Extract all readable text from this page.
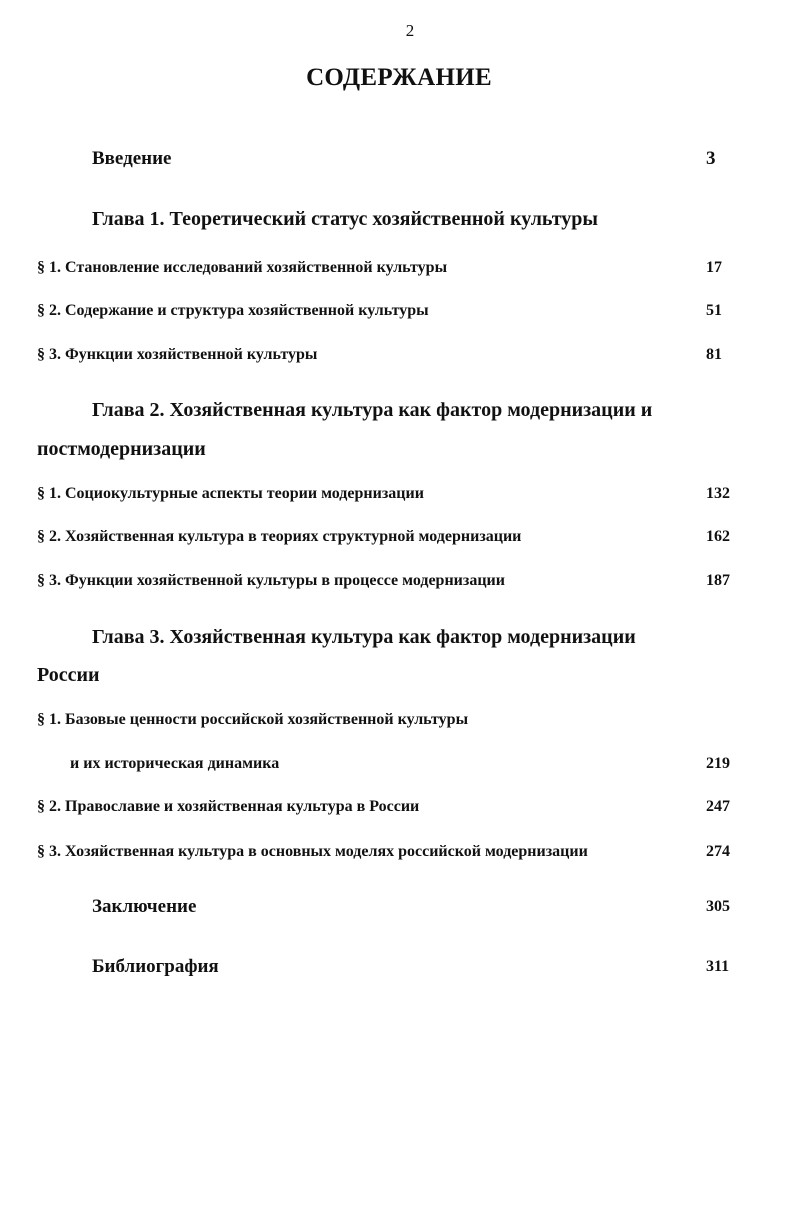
2
СОДЕРЖАНИЕ
Введение	3
Глава 1. Теоретический статус хозяйственной культуры
§ 1. Становление исследований хозяйственной культуры	17
§ 2. Содержание и структура хозяйственной культуры	51
§ 3. Функции хозяйственной культуры	81
Глава 2. Хозяйственная культура как фактор модернизации и
постмодернизации
§ 1. Социокультурные аспекты теории модернизации	132
§ 2. Хозяйственная культура в теориях структурной модернизации	162
§ 3. Функции хозяйственной культуры в процессе модернизации	187
Глава 3. Хозяйственная культура как фактор модернизации
России
§ 1. Базовые ценности российской хозяйственной культуры
и их историческая динамика	219
§ 2. Православие и хозяйственная культура в России	247
§ 3. Хозяйственная культура в основных моделях российской модернизации	274
Заключение	305
Библиография	311
